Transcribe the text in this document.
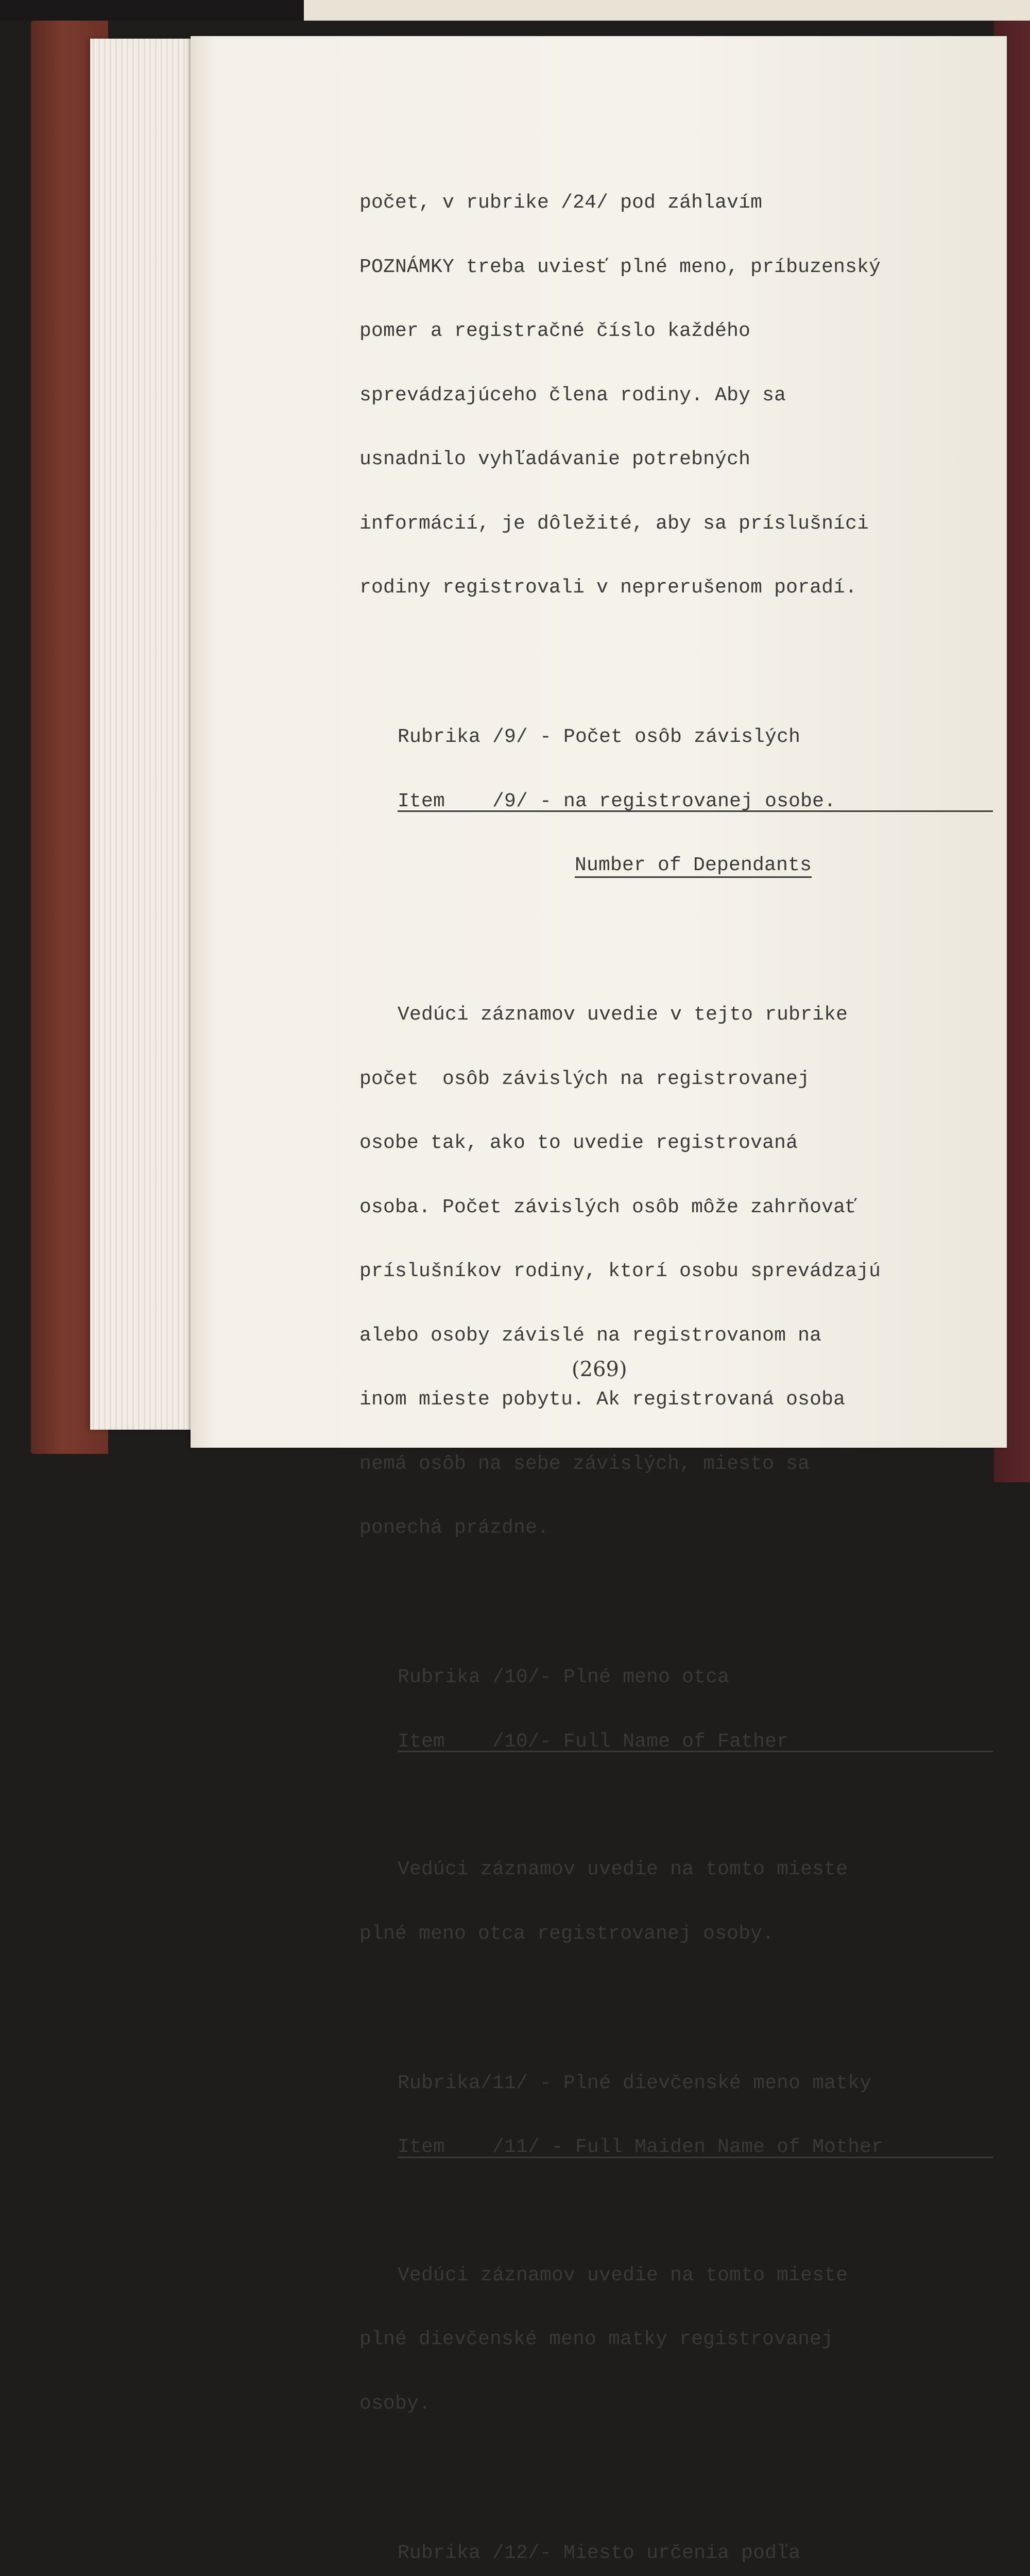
počet, v rubrike /24/ pod záhlavím

POZNÁMKY treba uviesť plné meno, príbuzenský

pomer a registračné číslo každého

sprevádzajúceho člena rodiny. Aby sa

usnadnilo vyhľadávanie potrebných

informácií, je dôležité, aby sa príslušníci

rodiny registrovali v neprerušenom poradí.

Rubrika /9/ - Počet osôb závislých

Item    /9/ - na registrovanej osobe.

Number of Dependants

Vedúci záznamov uvedie v tejto rubrike

počet  osôb závislých na registrovanej

osobe tak, ako to uvedie registrovaná

osoba. Počet závislých osôb môže zahrňovať

príslušníkov rodiny, ktorí osobu sprevádzajú

alebo osoby závislé na registrovanom na

inom mieste pobytu. Ak registrovaná osoba

nemá osôb na sebe závislých, miesto sa

ponechá prázdne.

Rubrika /10/- Plné meno otca

Item    /10/- Full Name of Father

Vedúci záznamov uvedie na tomto mieste

plné meno otca registrovanej osoby.

Rubrika/11/ - Plné dievčenské meno matky

Item    /11/ - Full Maiden Name of Mother

Vedúci záznamov uvedie na tomto mieste

plné dievčenské meno matky registrovanej

osoby.

Rubrika /12/- Miesto určenia podľa

(269)
